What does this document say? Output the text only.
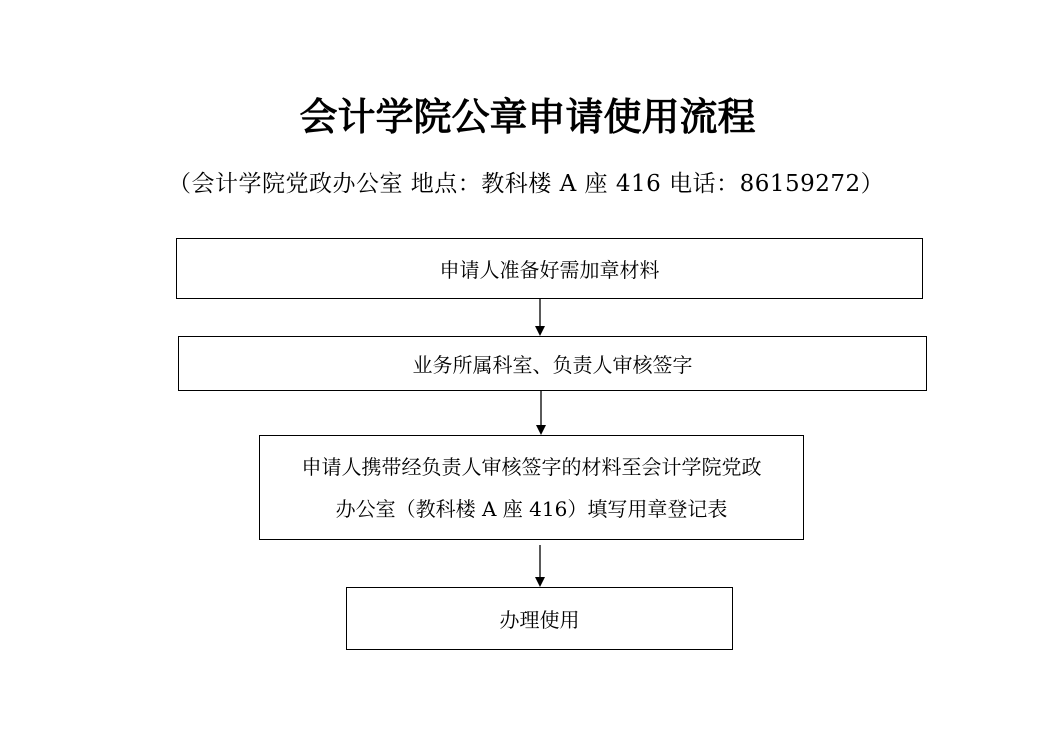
会计学院公章申请使用流程
（会计学院党政办公室 地点：教科楼 A 座 416 电话：86159272）
申请人准备好需加章材料
业务所属科室、负责人审核签字
申请人携带经负责人审核签字的材料至会计学院党政
办公室（教科楼 A 座 416）填写用章登记表
办理使用
